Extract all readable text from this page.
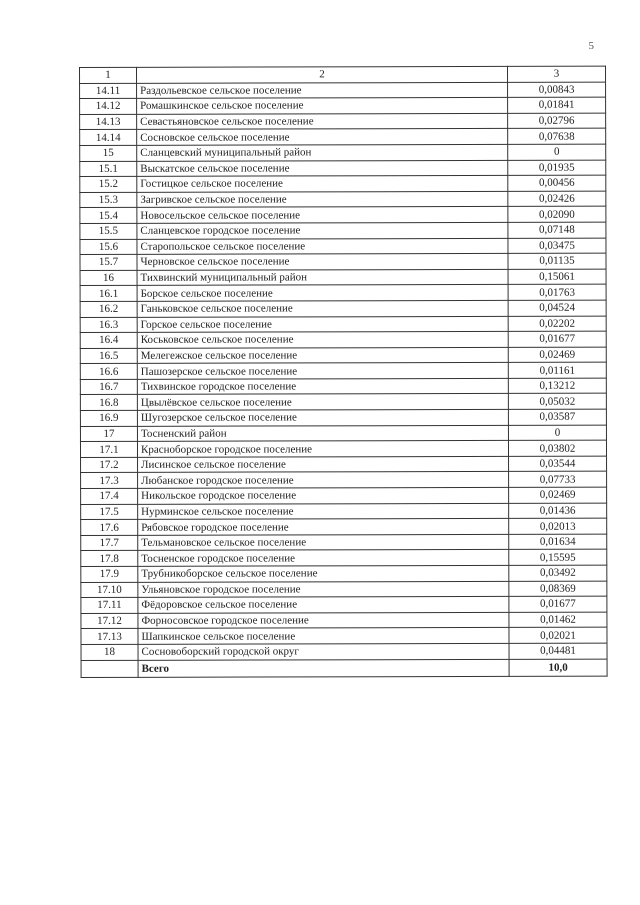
5
1	2	3
14.11	Раздольевское сельское поселение	0,00843
14.12	Ромашкинское сельское поселение	0,01841
14.13	Севастьяновское сельское поселение	0,02796
14.14	Сосновское сельское поселение	0,07638
15	Сланцевский муниципальный район	0
15.1	Выскатское сельское поселение	0,01935
15.2	Гостицкое сельское поселение	0,00456
15.3	Загривское сельское поселение	0,02426
15.4	Новосельское сельское поселение	0,02090
15.5	Сланцевское городское поселение	0,07148
15.6	Старопольское сельское поселение	0,03475
15.7	Черновское сельское поселение	0,01135
16	Тихвинский муниципальный район	0,15061
16.1	Борское сельское поселение	0,01763
16.2	Ганьковское сельское поселение	0,04524
16.3	Горское сельское поселение	0,02202
16.4	Коськовское сельское поселение	0,01677
16.5	Мелегежское сельское поселение	0,02469
16.6	Пашозерское сельское поселение	0,01161
16.7	Тихвинское городское поселение	0,13212
16.8	Цвылёвское сельское поселение	0,05032
16.9	Шугозерское сельское поселение	0,03587
17	Тосненский район	0
17.1	Красноборское городское поселение	0,03802
17.2	Лисинское сельское поселение	0,03544
17.3	Любанское городское поселение	0,07733
17.4	Никольское городское поселение	0,02469
17.5	Нурминское сельское поселение	0,01436
17.6	Рябовское городское поселение	0,02013
17.7	Тельмановское сельское поселение	0,01634
17.8	Тосненское городское поселение	0,15595
17.9	Трубникоборское сельское поселение	0,03492
17.10	Ульяновское городское поселение	0,08369
17.11	Фёдоровское сельское поселение	0,01677
17.12	Форносовское городское поселение	0,01462
17.13	Шапкинское сельское поселение	0,02021
18	Сосновоборский городской округ	0,04481
	Всего	10,0
